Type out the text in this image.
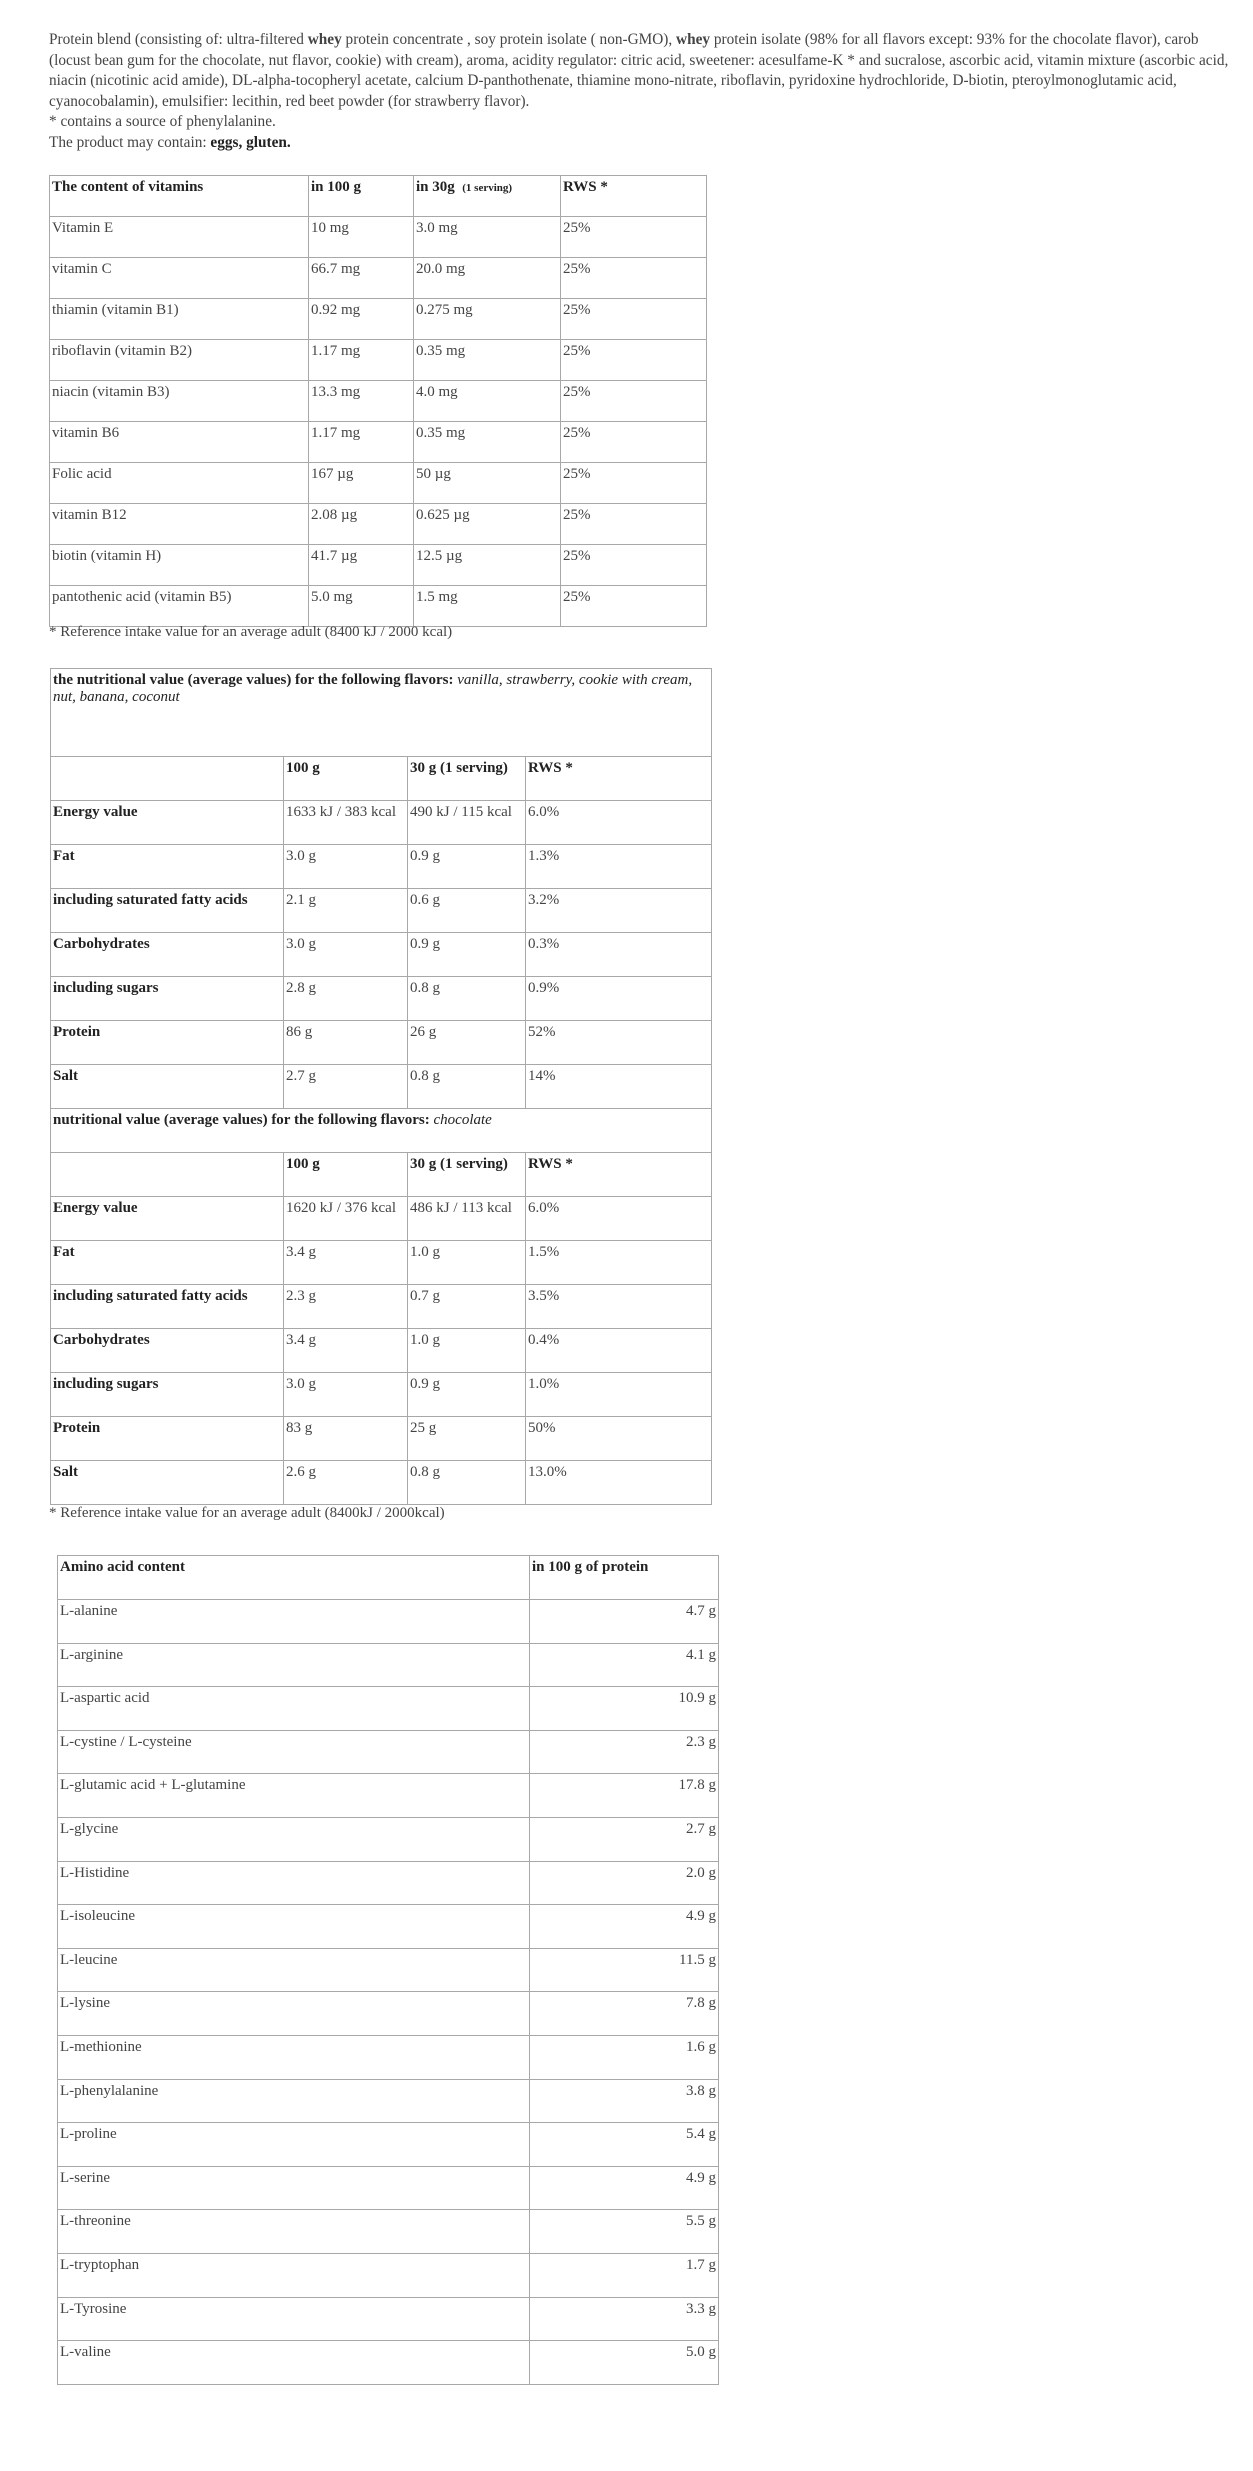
Protein blend (consisting of: ultra-filtered whey protein concentrate , soy protein isolate ( non-GMO), whey protein isolate (98% for all flavors except: 93% for the chocolate flavor), carob (locust bean gum for the chocolate, nut flavor, cookie) with cream), aroma, acidity regulator: citric acid, sweetener: acesulfame-K * and sucralose, ascorbic acid, vitamin mixture (ascorbic acid, niacin (nicotinic acid amide), DL-alpha-tocopheryl acetate, calcium D-panthothenate, thiamine mono-nitrate, riboflavin, pyridoxine hydrochloride, D-biotin, pteroylmonoglutamic acid, cyanocobalamin), emulsifier: lecithin, red beet powder (for strawberry flavor).

* contains a source of phenylalanine.

The product may contain: eggs, gluten.

The content of vitamins	in 100 g	in 30g (1 serving)	RWS *
Vitamin E	10 mg	3.0 mg	25%
vitamin C	66.7 mg	20.0 mg	25%
thiamin (vitamin B1)	0.92 mg	0.275 mg	25%
riboflavin (vitamin B2)	1.17 mg	0.35 mg	25%
niacin (vitamin B3)	13.3 mg	4.0 mg	25%
vitamin B6	1.17 mg	0.35 mg	25%
Folic acid	167 µg	50 µg	25%
vitamin B12	2.08 µg	0.625 µg	25%
biotin (vitamin H)	41.7 µg	12.5 µg	25%
pantothenic acid (vitamin B5)	5.0 mg	1.5 mg	25%
* Reference intake value for an average adult (8400 kJ / 2000 kcal)
the nutritional value (average values) for the following flavors: vanilla, strawberry, cookie with cream, nut, banana, coconut			
	100 g	30 g (1 serving)	RWS *
Energy value	1633 kJ / 383 kcal	490 kJ / 115 kcal	6.0%
Fat	3.0 g	0.9 g	1.3%
including saturated fatty acids	2.1 g	0.6 g	3.2%
Carbohydrates	3.0 g	0.9 g	0.3%
including sugars	2.8 g	0.8 g	0.9%
Protein	86 g	26 g	52%
Salt	2.7 g	0.8 g	14%
nutritional value (average values) for the following flavors: chocolate			
	100 g	30 g (1 serving)	RWS *
Energy value	1620 kJ / 376 kcal	486 kJ / 113 kcal	6.0%
Fat	3.4 g	1.0 g	1.5%
including saturated fatty acids	2.3 g	0.7 g	3.5%
Carbohydrates	3.4 g	1.0 g	0.4%
including sugars	3.0 g	0.9 g	1.0%
Protein	83 g	25 g	50%
Salt	2.6 g	0.8 g	13.0%
* Reference intake value for an average adult (8400kJ / 2000kcal)
Amino acid content	in 100 g of protein
L-alanine	4.7 g
L-arginine	4.1 g
L-aspartic acid	10.9 g
L-cystine / L-cysteine	2.3 g
L-glutamic acid + L-glutamine	17.8 g
L-glycine	2.7 g
L-Histidine	2.0 g
L-isoleucine	4.9 g
L-leucine	11.5 g
L-lysine	7.8 g
L-methionine	1.6 g
L-phenylalanine	3.8 g
L-proline	5.4 g
L-serine	4.9 g
L-threonine	5.5 g
L-tryptophan	1.7 g
L-Tyrosine	3.3 g
L-valine	5.0 g
